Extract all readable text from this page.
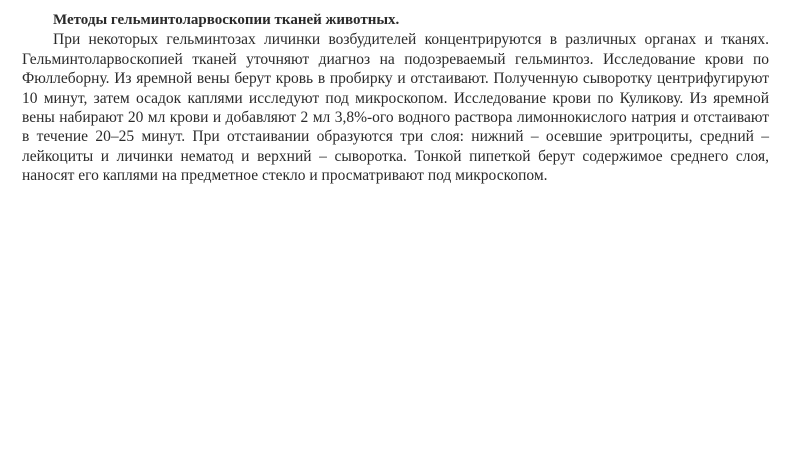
Методы гельминтоларвоскопии тканей животных.

При некоторых гельминтозах личинки возбудителей концентрируются в различных органах и тканях. Гельминтоларвоскопией тканей уточняют диагноз на подозреваемый гельминтоз. Исследование крови по Фюллеборну. Из яремной вены берут кровь в пробирку и отстаивают. Полученную сыворотку центрифугируют 10 минут, затем осадок каплями исследуют под микроскопом. Исследование крови по Куликову. Из яремной вены набирают 20 мл крови и добавляют 2 мл 3,8%-ого водного раствора лимоннокислого натрия и отстаивают в течение 20–25 минут. При отстаивании образуются три слоя: нижний – осевшие эритроциты, средний – лейкоциты и личинки нематод и верхний – сыворотка. Тонкой пипеткой берут содержимое среднего слоя, наносят его каплями на предметное стекло и просматривают под микроскопом.
